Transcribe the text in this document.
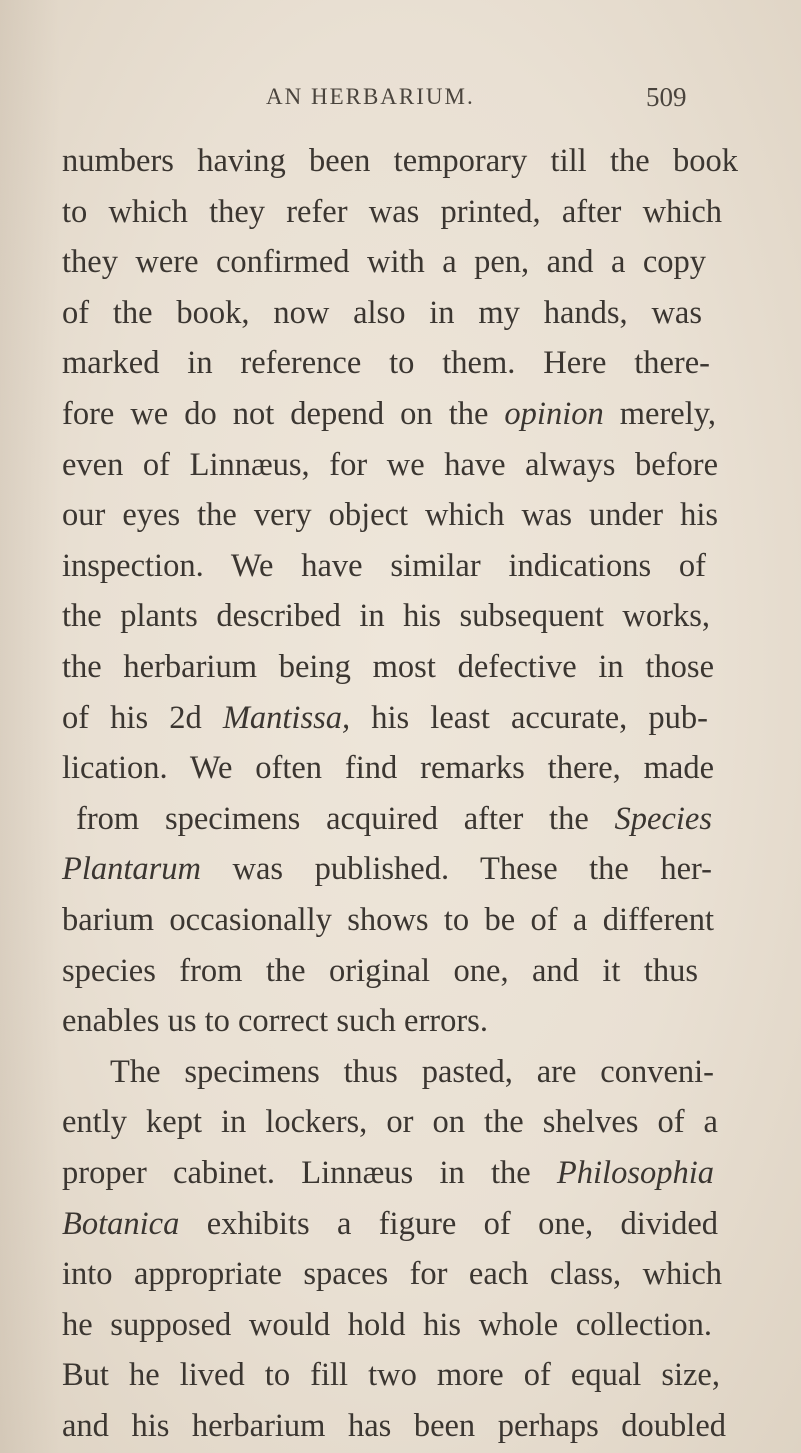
AN HERBARIUM.	509
numbers having been temporary till the book
to which they refer was printed, after which
they were confirmed with a pen, and a copy
of the book, now also in my hands, was
marked in reference to them. Here there-
fore we do not depend on the opinion merely,
even of Linnæus, for we have always before
our eyes the very object which was under his
inspection. We have similar indications of
the plants described in his subsequent works,
the herbarium being most defective in those
of his 2d Mantissa, his least accurate, pub-
lication. We often find remarks there, made
from specimens acquired after the Species
Plantarum was published. These the her-
barium occasionally shows to be of a different
species from the original one, and it thus
enables us to correct such errors.
The specimens thus pasted, are conveni-
ently kept in lockers, or on the shelves of a
proper cabinet. Linnæus in the Philosophia
Botanica exhibits a figure of one, divided
into appropriate spaces for each class, which
he supposed would hold his whole collection.
But he lived to fill two more of equal size,
and his herbarium has been perhaps doubled
